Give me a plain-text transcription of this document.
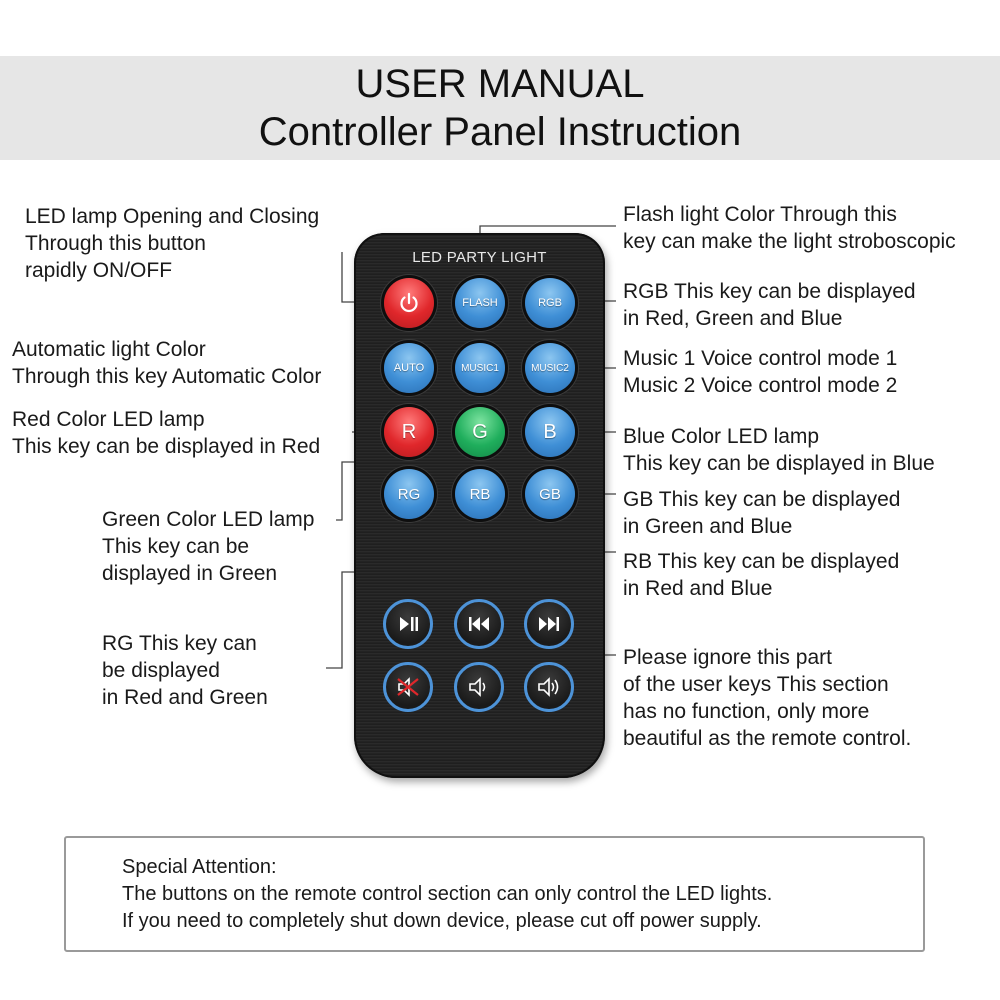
USER MANUAL
Controller Panel Instruction
LED PARTY LIGHT
FLASH	RGB
AUTO	MUSIC1	MUSIC2
R	G	B
RG	RB	GB
LED lamp Opening and Closing
Through this button
rapidly ON/OFF
Automatic light Color
Through this key Automatic Color
Red Color LED lamp
This key can be displayed in Red
Green Color LED lamp
This key can be
displayed in Green
RG This key can
be displayed
in Red and Green
Flash light Color Through this
key can make the light stroboscopic
RGB This key can be displayed
in Red, Green and Blue
Music 1 Voice control mode 1
Music 2 Voice control mode 2
Blue Color LED lamp
This key can be displayed in Blue
GB This key can be displayed
in Green and Blue
RB This key can be displayed
in Red and Blue
Please ignore this part
of the user keys This section
has no function, only more
beautiful as the remote control.
Special Attention:
The buttons on the remote control section can only control the LED lights.
If you need to completely shut down device, please cut off power supply.
